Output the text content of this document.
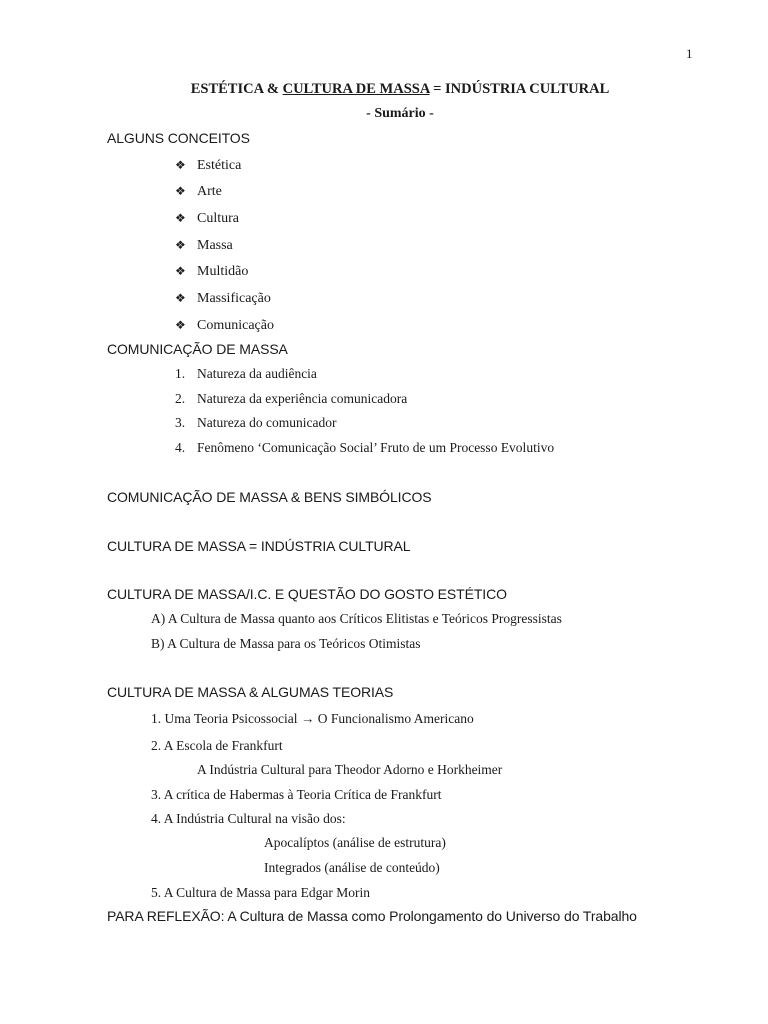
1
ESTÉTICA & CULTURA DE MASSA = INDÚSTRIA CULTURAL
- Sumário -
ALGUNS CONCEITOS
❖ Estética
❖ Arte
❖ Cultura
❖ Massa
❖ Multidão
❖ Massificação
❖ Comunicação
COMUNICAÇÃO DE MASSA
1. Natureza da audiência
2. Natureza da experiência comunicadora
3. Natureza do comunicador
4. Fenômeno ‘Comunicação Social’ Fruto de um Processo Evolutivo
COMUNICAÇÃO DE MASSA & BENS SIMBÓLICOS
CULTURA DE MASSA = INDÚSTRIA CULTURAL
CULTURA DE MASSA/I.C. E QUESTÃO DO GOSTO ESTÉTICO
A) A Cultura de Massa quanto aos Críticos Elitistas e Teóricos Progressistas
B) A Cultura de Massa para os Teóricos Otimistas
CULTURA DE MASSA & ALGUMAS TEORIAS
1. Uma Teoria Psicossocial → O Funcionalismo Americano
2. A Escola de Frankfurt
A Indústria Cultural para Theodor Adorno e Horkheimer
3. A crítica de Habermas à Teoria Crítica de Frankfurt
4. A Indústria Cultural na visão dos:
Apocalíptos (análise de estrutura)
Integrados (análise de conteúdo)
5. A Cultura de Massa para Edgar Morin
PARA REFLEXÃO: A Cultura de Massa como Prolongamento do Universo do Trabalho
